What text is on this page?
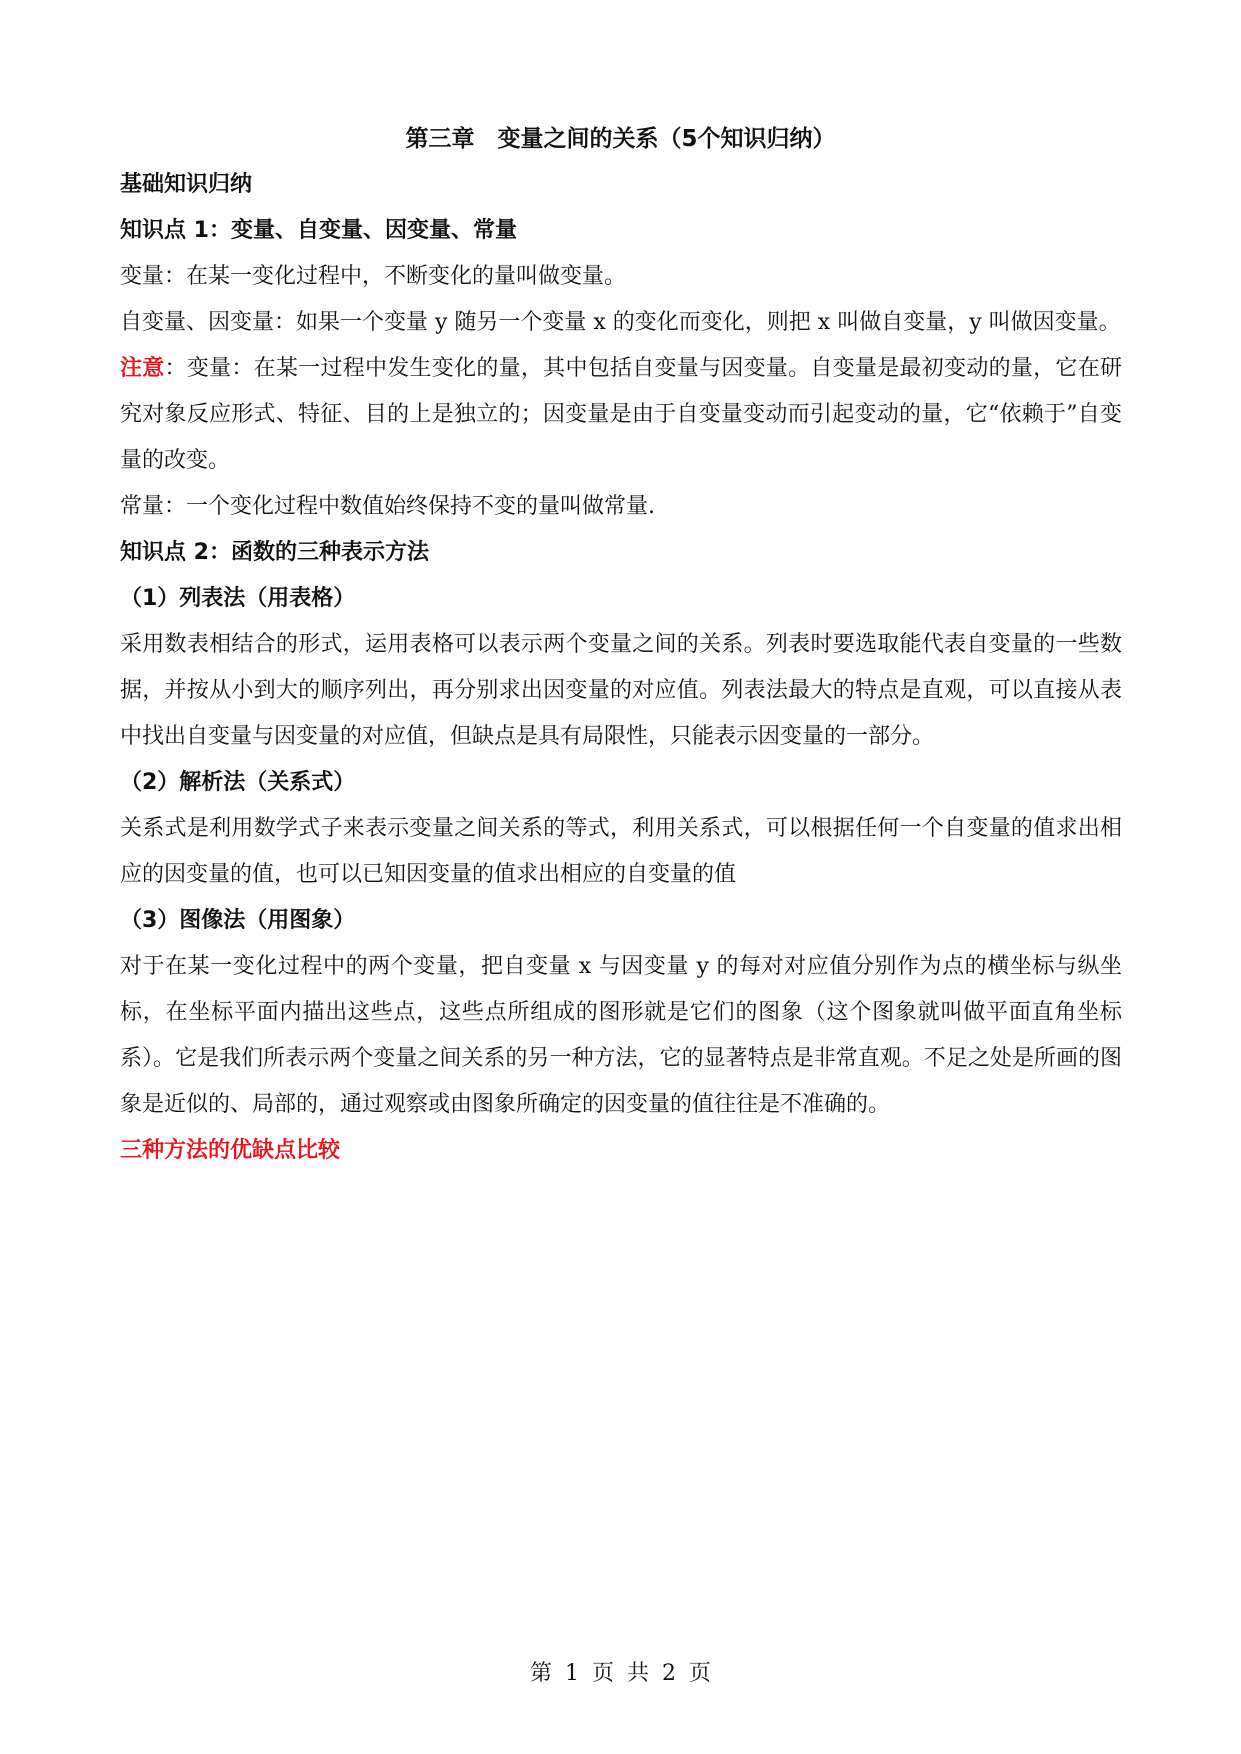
第三章　变量之间的关系（5个知识归纳）

基础知识归纳

知识点 1：变量、自变量、因变量、常量

变量：在某一变化过程中，不断变化的量叫做变量。

自变量、因变量：如果一个变量 y 随另一个变量 x 的变化而变化，则把 x 叫做自变量，y 叫做因变量。

注意：变量：在某一过程中发生变化的量，其中包括自变量与因变量。自变量是最初变动的量，它在研究对象反应形式、特征、目的上是独立的；因变量是由于自变量变动而引起变动的量，它“依赖于”自变量的改变。

常量：一个变化过程中数值始终保持不变的量叫做常量.

知识点 2：函数的三种表示方法

（1）列表法（用表格）

采用数表相结合的形式，运用表格可以表示两个变量之间的关系。列表时要选取能代表自变量的一些数据，并按从小到大的顺序列出，再分别求出因变量的对应值。列表法最大的特点是直观，可以直接从表中找出自变量与因变量的对应值，但缺点是具有局限性，只能表示因变量的一部分。

（2）解析法（关系式）

关系式是利用数学式子来表示变量之间关系的等式，利用关系式，可以根据任何一个自变量的值求出相应的因变量的值，也可以已知因变量的值求出相应的自变量的值

（3）图像法（用图象）

对于在某一变化过程中的两个变量，把自变量 x 与因变量 y 的每对对应值分别作为点的横坐标与纵坐标，在坐标平面内描出这些点，这些点所组成的图形就是它们的图象（这个图象就叫做平面直角坐标系）。它是我们所表示两个变量之间关系的另一种方法，它的显著特点是非常直观。不足之处是所画的图象是近似的、局部的，通过观察或由图象所确定的因变量的值往往是不准确的。

三种方法的优缺点比较

第 1 页 共 2 页
